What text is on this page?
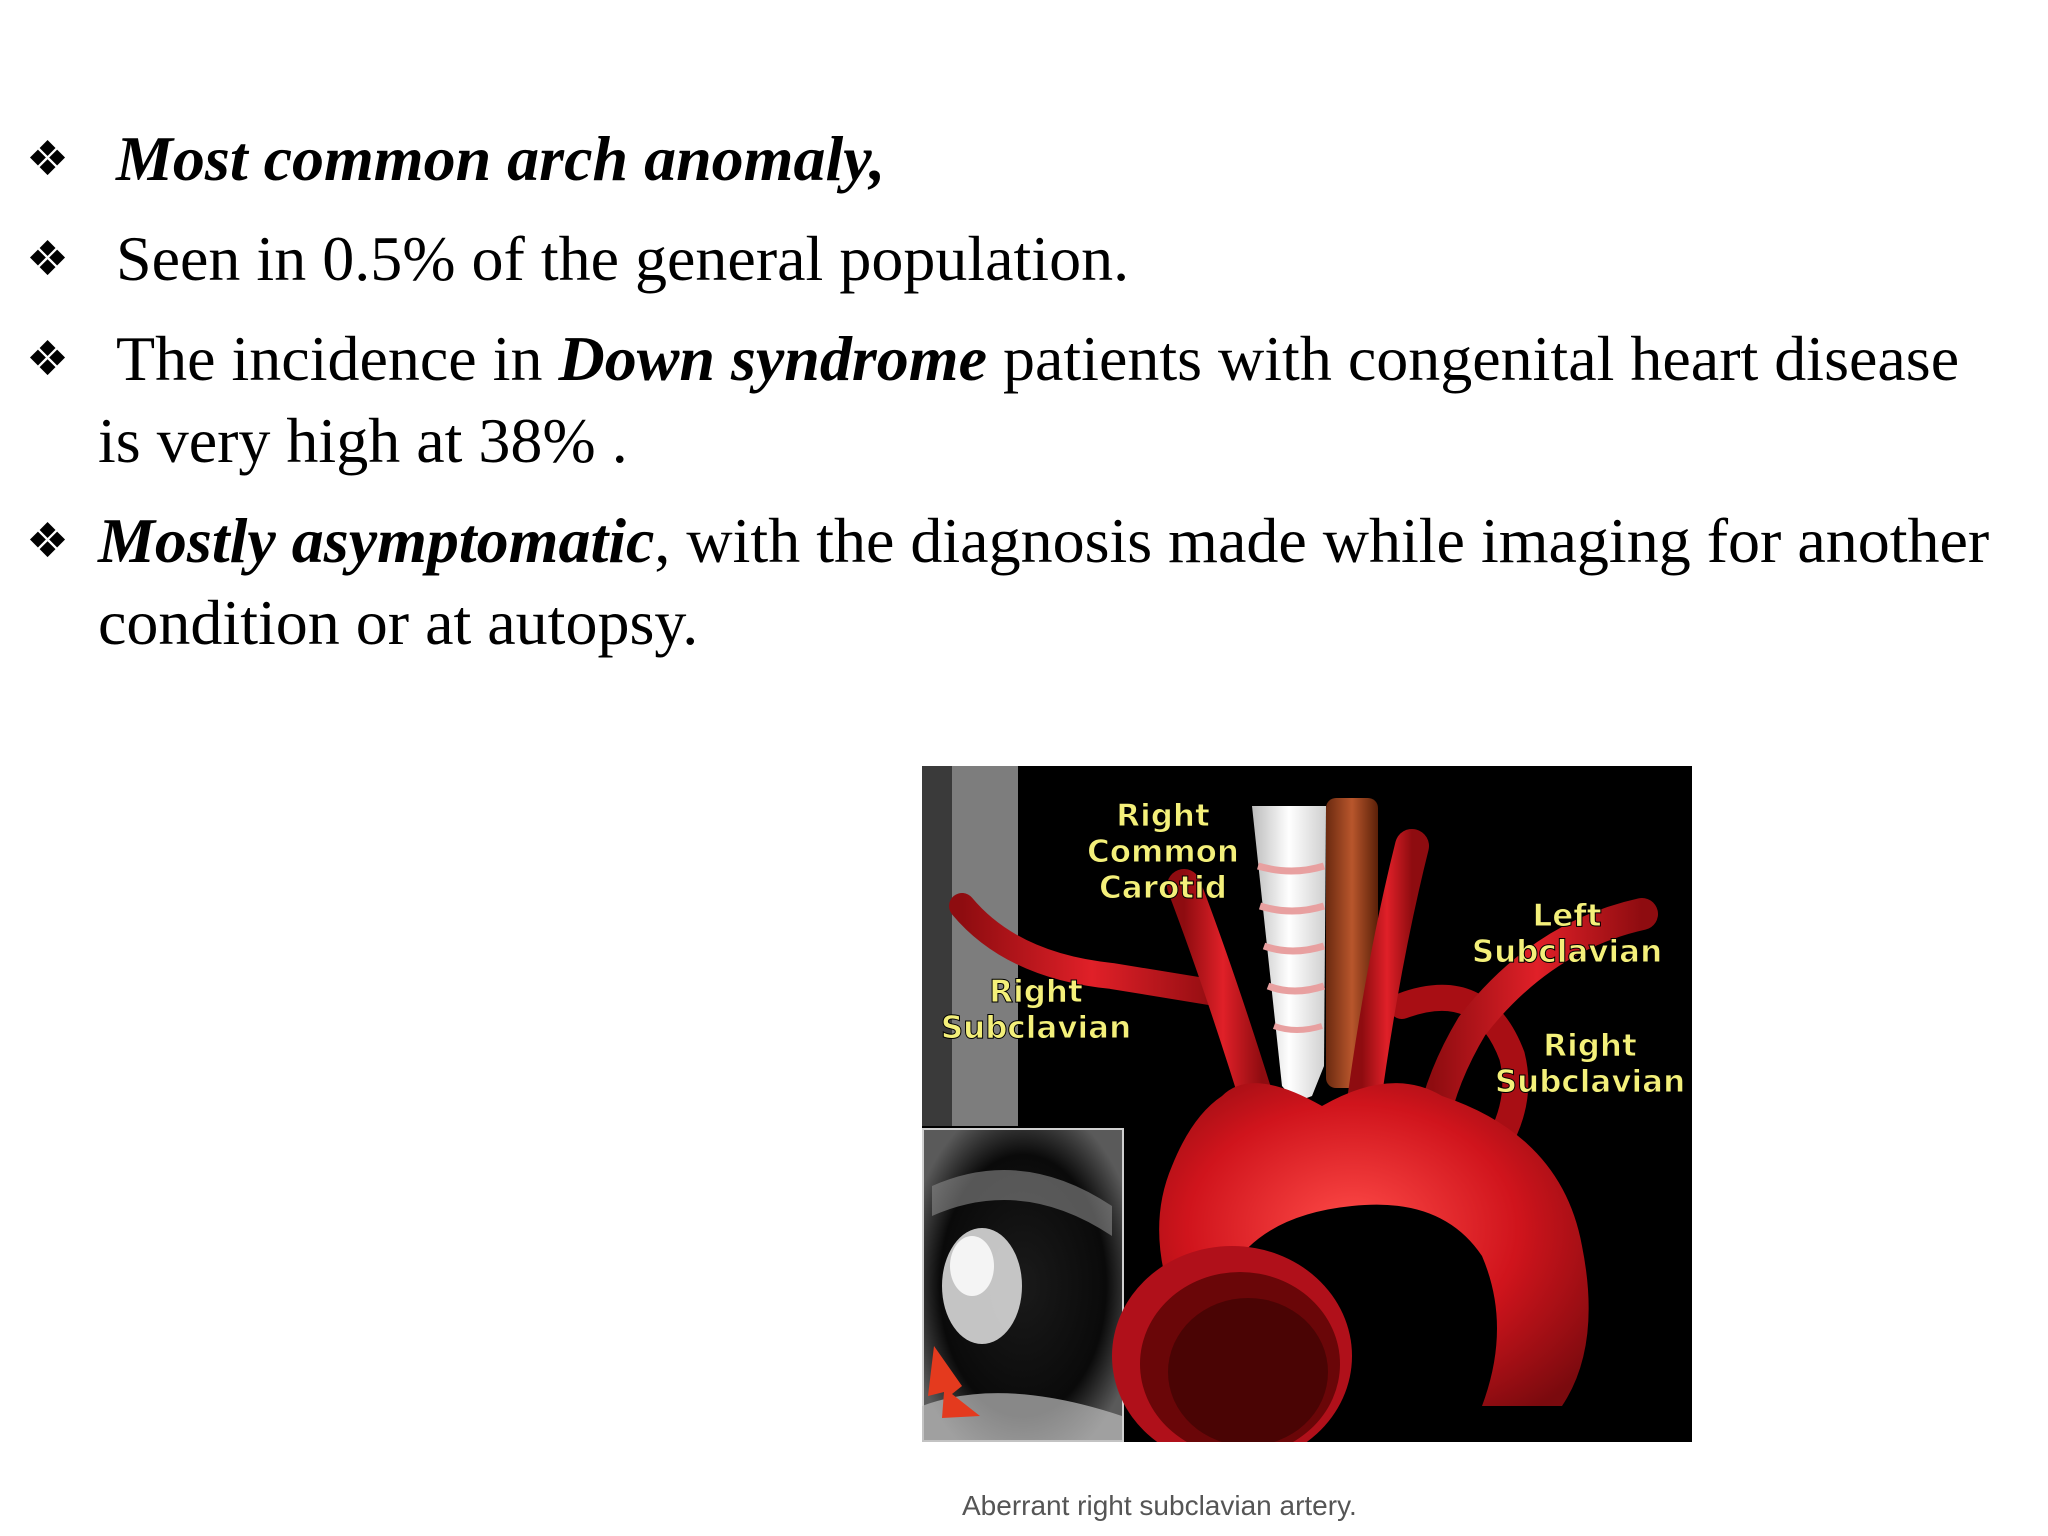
❖ Most common arch anomaly,
❖ Seen in 0.5% of the general population.
❖ The incidence in Down syndrome patients with congenital heart disease is very high at 38% .
❖ Mostly asymptomatic, with the diagnosis made while imaging for another condition or at autopsy.
Right
Common
Carotid
Left
Subclavian
Right
Subclavian	Right
Subclavian
Aberrant right subclavian artery.
